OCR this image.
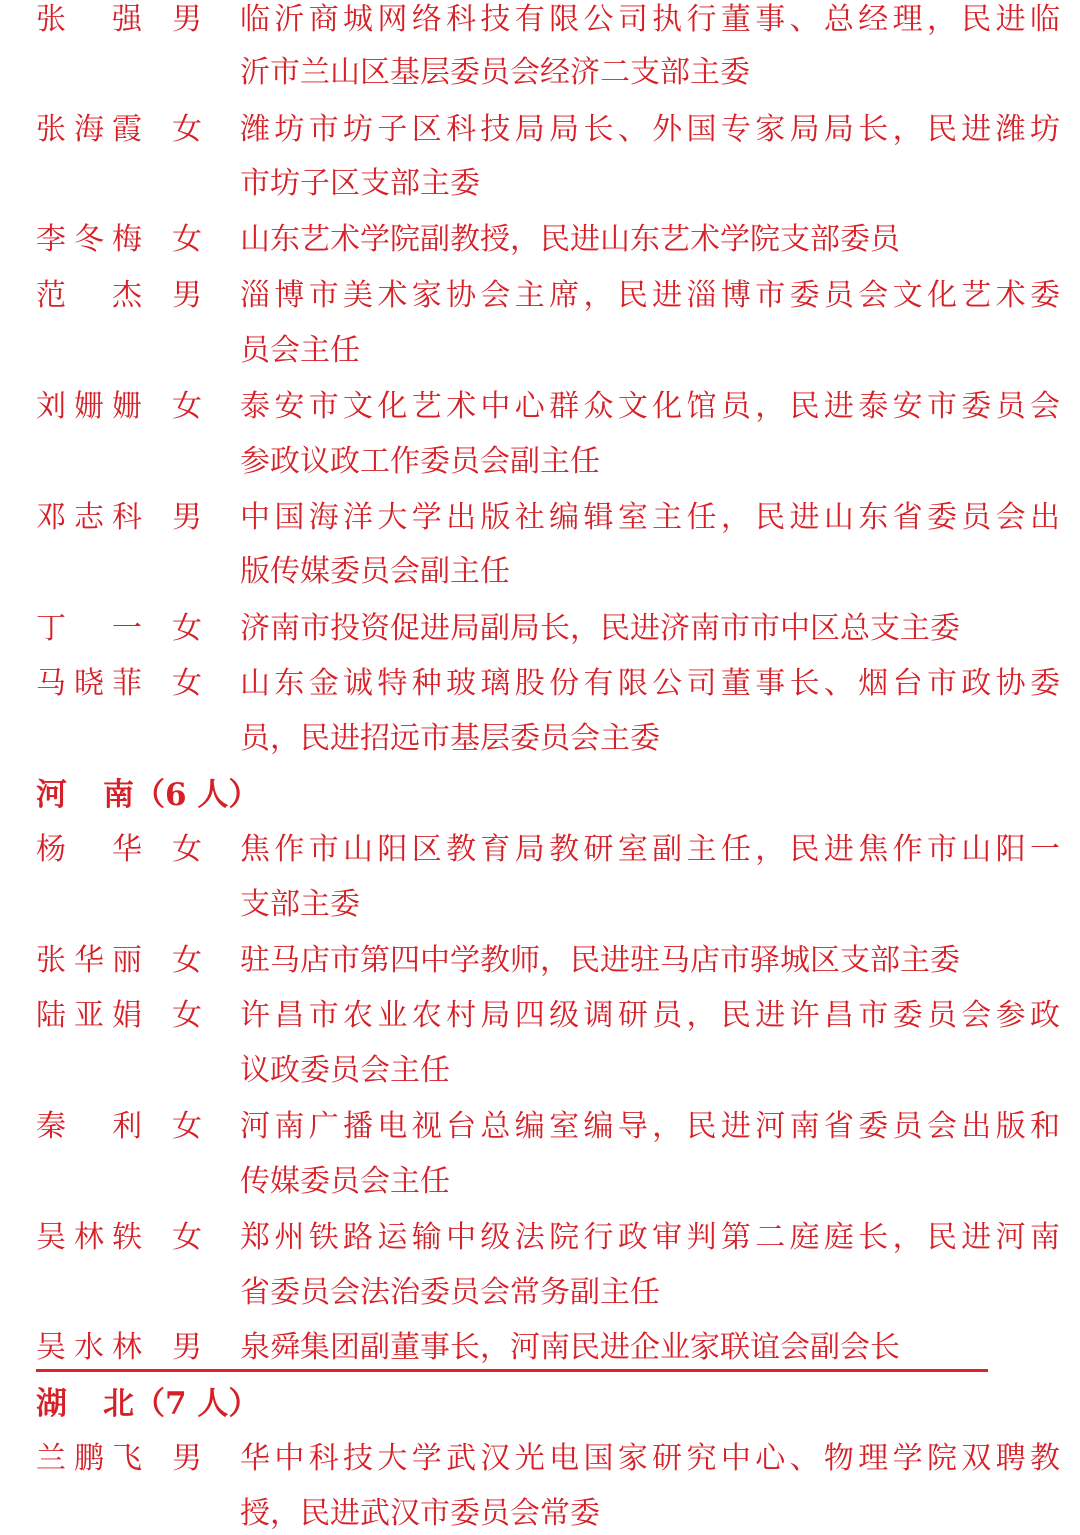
张 强 男 临沂商城网络科技有限公司执行董事、总经理，民进临
沂市兰山区基层委员会经济二支部主委
张 海 霞 女 潍坊市坊子区科技局局长、外国专家局局长，民进潍坊
市坊子区支部主委
李 冬 梅 女 山东艺术学院副教授，民进山东艺术学院支部委员
范 杰 男 淄博市美术家协会主席，民进淄博市委员会文化艺术委
员会主任
刘 姗 姗 女 泰安市文化艺术中心群众文化馆员，民进泰安市委员会
参政议政工作委员会副主任
邓 志 科 男 中国海洋大学出版社编辑室主任，民进山东省委员会出
版传媒委员会副主任
丁 一 女 济南市投资促进局副局长，民进济南市市中区总支主委
马 晓 菲 女 山东金诚特种玻璃股份有限公司董事长、烟台市政协委
员，民进招远市基层委员会主委
河 南 （6 人）
杨 华 女 焦作市山阳区教育局教研室副主任，民进焦作市山阳一
支部主委
张 华 丽 女 驻马店市第四中学教师，民进驻马店市驿城区支部主委
陆 亚 娟 女 许昌市农业农村局四级调研员，民进许昌市委员会参政
议政委员会主任
秦 利 女 河南广播电视台总编室编导，民进河南省委员会出版和
传媒委员会主任
吴 林 轶 女 郑州铁路运输中级法院行政审判第二庭庭长，民进河南
省委员会法治委员会常务副主任
吴 水 林 男 泉舜集团副董事长，河南民进企业家联谊会副会长
湖 北 （7 人）
兰 鹏 飞 男 华中科技大学武汉光电国家研究中心、物理学院双聘教
授，民进武汉市委员会常委
